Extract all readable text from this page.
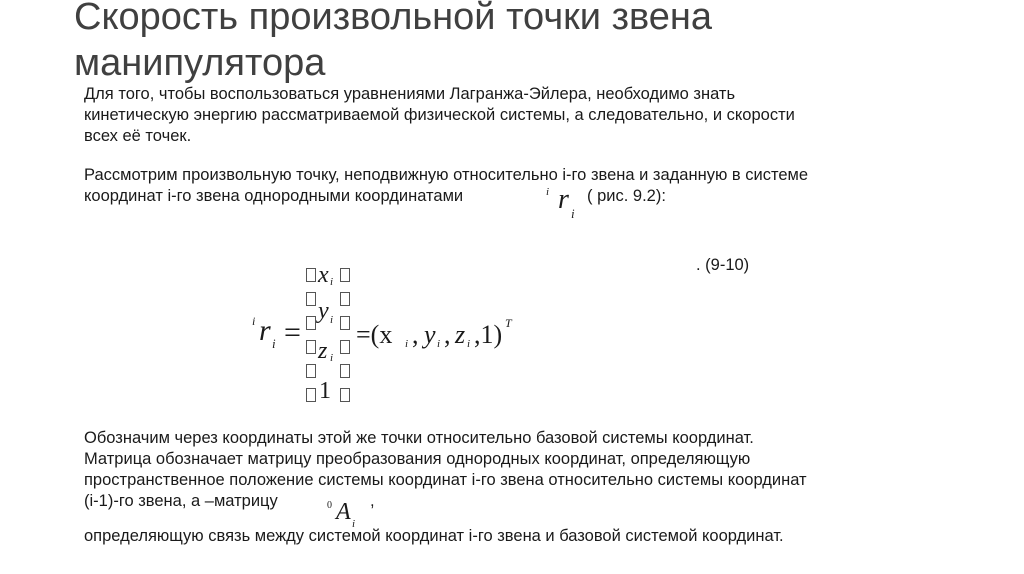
Скорость произвольной точки звена
манипулятора
Для того, чтобы воспользоваться уравнениями Лагранжа-Эйлера, необходимо знать
кинетическую энергию рассматриваемой физической системы, а следовательно, и скорости
всех её точек.
Рассмотрим произвольную точку, неподвижную относительно i-го звена и заданную в системе
координат i-го звена однородными координатами	( рис. 9.2):
i r i
. (9-10)
i r i =
x i
y i
z i
1
=(x i , y i , z i ,1) T
Обозначим через координаты этой же точки относительно базовой системы координат.
Матрица обозначает матрицу преобразования однородных координат, определяющую
пространственное положение системы координат i-го звена относительно системы координат
(i-1)-го звена, а –матрицу	,
0 A i
определяющую связь между системой координат i-го звена и базовой системой координат.
